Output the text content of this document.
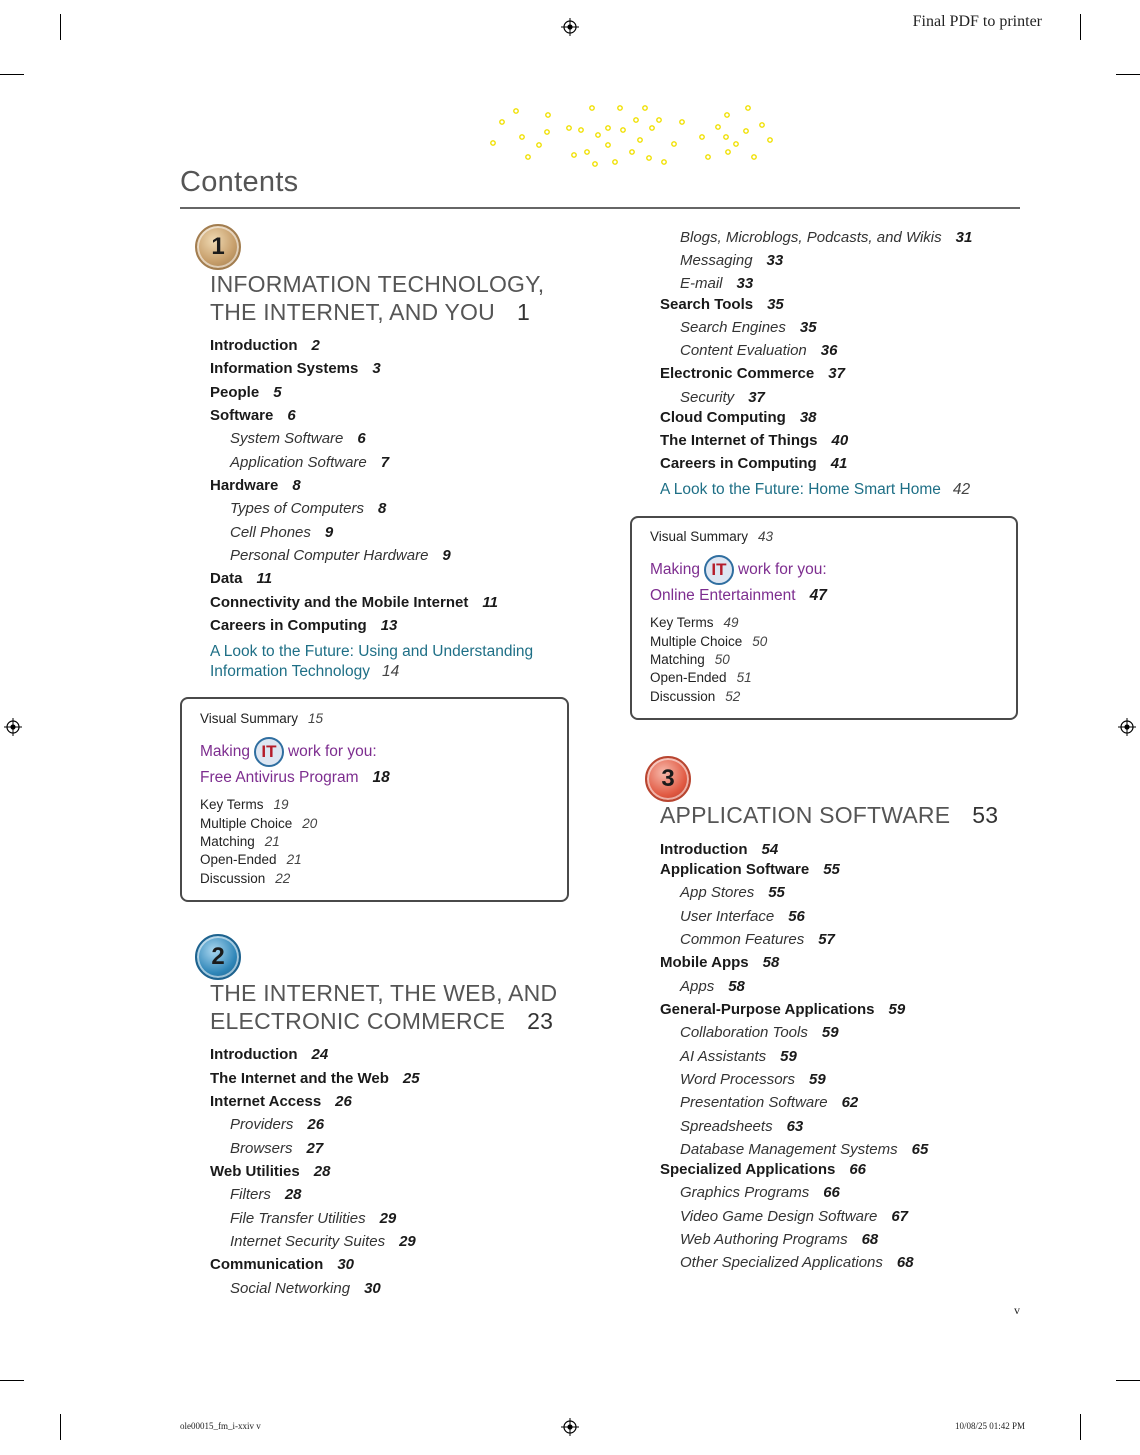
Final PDF to printer
Contents
1
INFORMATION TECHNOLOGY,
THE INTERNET, AND YOU 1
Introduction 2
Information Systems 3
People 5
Software 6
System Software 6
Application Software 7
Hardware 8
Types of Computers 8
Cell Phones 9
Personal Computer Hardware 9
Data 11
Connectivity and the Mobile Internet 11
Careers in Computing 13
A Look to the Future: Using and Understanding
Information Technology 14
Visual Summary 15
Making IT work for you:
Free Antivirus Program 18
Key Terms 19
Multiple Choice 20
Matching 21
Open-Ended 21
Discussion 22
2
THE INTERNET, THE WEB, AND
ELECTRONIC COMMERCE 23
Introduction 24
The Internet and the Web 25
Internet Access 26
Providers 26
Browsers 27
Web Utilities 28
Filters 28
File Transfer Utilities 29
Internet Security Suites 29
Communication 30
Social Networking 30
Blogs, Microblogs, Podcasts, and Wikis 31
Messaging 33
E-mail 33
Search Tools 35
Search Engines 35
Content Evaluation 36
Electronic Commerce 37
Security 37
Cloud Computing 38
The Internet of Things 40
Careers in Computing 41
A Look to the Future: Home Smart Home 42
Visual Summary 43
Making IT work for you:
Online Entertainment 47
Key Terms 49
Multiple Choice 50
Matching 50
Open-Ended 51
Discussion 52
3
APPLICATION SOFTWARE 53
Introduction 54
Application Software 55
App Stores 55
User Interface 56
Common Features 57
Mobile Apps 58
Apps 58
General-Purpose Applications 59
Collaboration Tools 59
AI Assistants 59
Word Processors 59
Presentation Software 62
Spreadsheets 63
Database Management Systems 65
Specialized Applications 66
Graphics Programs 66
Video Game Design Software 67
Web Authoring Programs 68
Other Specialized Applications 68
v
ole00015_fm_i-xxiv v	10/08/25 01:42 PM
